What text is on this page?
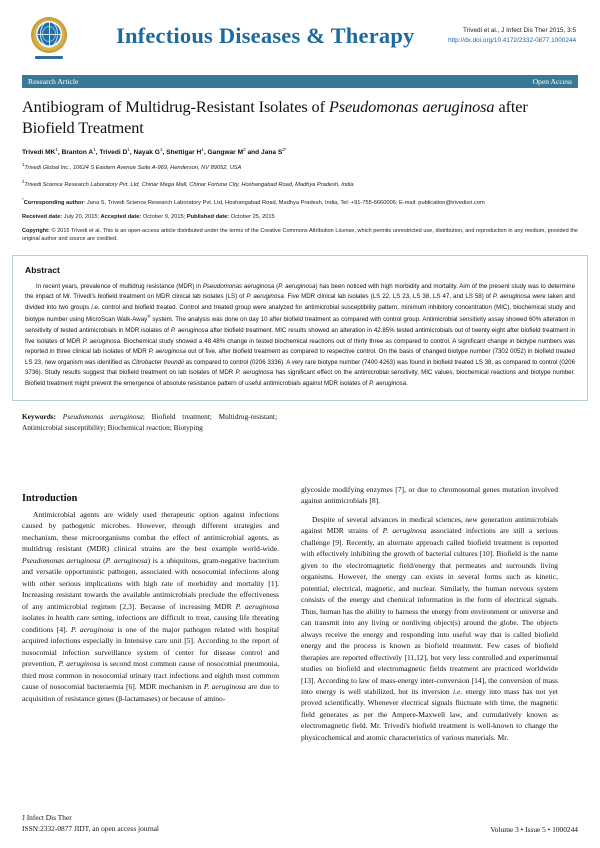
Infectious Diseases & Therapy	Trivedi et al., J Infect Dis Ther 2015, 3:5
http://dx.doi.org/10.4172/2332-0877.1000244
Research Article	Open Access
Antibiogram of Multidrug-Resistant Isolates of Pseudomonas aeruginosa after Biofield Treatment
Trivedi $MK^1$, Branton $A^1$, Trivedi $D^1$, Nayak $G^1$, Shettigar $H^1$, Gangwar $M^2$ and Jana $S^{2*}$
$^1$Trivedi Global Inc., 10624 S Eastern Avenue Suite A-969, Henderson, NV 89052, USA
$^2$Trivedi Science Research Laboratory Pvt. Ltd, Chinar Mega Mall, Chinar Fortune City, Hoshangabad Road, Madhya Pradesh, India
*Corresponding author: Jana S, Trivedi Science Research Laboratory Pvt. Ltd, Hoshangabad Road, Madhya Pradesh, India, Tel: +91-755-6660006; E-mail: publication@trivedisri.com
Received date: July 20, 2015; Accepted date: October 9, 2015; Published date: October 25, 2015
Copyright: © 2015 Trivedi et al. This is an open-access article distributed under the terms of the Creative Commons Attribution License, which permits unrestricted use, distribution, and reproduction in any medium, provided the original author and source are credited.
Abstract
In recent years, prevalence of multidrug resistance (MDR) in Pseudomonas aeruginosa (P. aeruginosa) has been noticed with high morbidity and mortality. Aim of the present study was to determine the impact of Mr. Trivedi's biofield treatment on MDR clinical lab isolates (LS) of P. aeruginosa. Five MDR clinical lab isolates (LS 22, LS 23, LS 38, LS 47, and LS 58) of P. aeruginosa were taken and divided into two groups i.e. control and biofield treated. Control and treated group were analyzed for antimicrobial susceptibility pattern, minimum inhibitory concentration (MIC), biochemical study and biotype number using MicroScan Walk-Away® system. The analysis was done on day 10 after biofield treatment as compared with control group. Antimicrobial sensitivity assay showed 60% alteration in sensitivity of tested antimicrobials in MDR isolates of P. aeruginosa after biofield treatment. MIC results showed an alteration in 42.85% tested antimicrobials out of twenty eight after biofield treatment in five isolates of MDR P. aeruginosa. Biochemical study showed a 48.48% change in tested biochemical reactions out of thirty three as compared to control. A significant change in biotype numbers was reported in three clinical lab isolates of MDR P. aeruginosa out of five, after biofield treatment as compared to respective control. On the basis of changed biotype number (7302 0052) in biofield treated LS 23, new organism was identified as Citrobacter freundii as compared to control (0206 3336). A very rare biotype number (7400 4263) was found in biofield treated LS 38, as compared to control (0206 3736). Study results suggest that biofield treatment on lab isolates of MDR P. aeruginosa has significant effect on the antimicrobial sensitivity, MIC values, biochemical reactions and biotype number. Biofield treatment might prevent the emergence of absolute resistance pattern of useful antimicrobials against MDR isolates of P. aeruginosa.
Keywords: Pseudomonas aeruginosa; Biofield treatment; Multidrug-resistant; Antimicrobial susceptibility; Biochemical reaction; Biotyping
Introduction

Antimicrobial agents are widely used therapeutic option against infections caused by pathogenic microbes. However, through different strategies and mechanism, these microorganisms combat the effect of antimicrobial agents, as multidrug resistant (MDR) clinical strains are the best example world-wide. Pseudomonas aeruginosa (P. aeruginosa) is a ubiquitous, gram-negative bacterium and versatile opportunistic pathogen, associated with nosocomial infections along with other serious implications with high rate of morbidity and mortality [1]. Increasing resistant towards the available antimicrobials preclude the effectiveness of any antimicrobial regimen [2,3]. Because of increasing MDR P. aeruginosa isolates in health care setting, infections are difficult to treat, causing life threating conditions [4]. P. aeruginosa is one of the major pathogen related with hospital acquired infections especially in Intensive care unit [5]. According to the report of nosocomial infection surveillance system of center for disease control and prevention, P. aeruginosa is second most common cause of nosocomial pneumonia, third most common in nosocomial urinary tract infections and eighth most common cause of nosocomial bacteraemia [6]. MDR mechanism in P. aeruginosa are due to acquisition of resistance genes (β-lactamases) or because of amino-

glycoside modifying enzymes [7], or due to chromosomal genes mutation involved against antimicrobials [8].

Despite of several advances in medical sciences, new generation antimicrobials against MDR strains of P. aeruginosa associated infections are still a serious challenge [9]. Recently, an alternate approach called biofield treatment is reported with effectively inhibiting the growth of bacterial cultures [10]. Biofield is the name given to the electromagnetic field/energy that permeates and surrounds living organisms. However, the energy can exists in several forms such as kinetic, potential, electrical, magnetic, and nuclear. Similarly, the human nervous system consists of the energy and chemical information in the form of electrical signals. Thus, human has the ability to harness the energy from environment or universe and can transmit into any living or nonliving object(s) around the globe. The objects always receive the energy and responding into useful way that is called biofield energy and the process is known as biofield treatment. Few cases of biofield therapies are reported effectively [11,12], but very less controlled and experimental studies on biofield and electromagnetic fields treatment are practiced worldwide [13]. According to law of mass-energy inter-conversion [14], the conversion of mass into energy is well stabilized, but its inversion i.e. energy into mass has not yet proved scientifically. Whenever electrical signals fluctuate with time, the magnetic field generates as per the Ampere-Maxwell law, and cumulatively known as electromagnetic field. Mr. Trivedi's biofield treatment is well-known to change the physicochemical and atomic characteristics of various materials. Mr.

J Infect Dis Ther
ISSN:2332-0877 JIDT, an open access journal	Volume 3 • Issue 5 • 1000244
